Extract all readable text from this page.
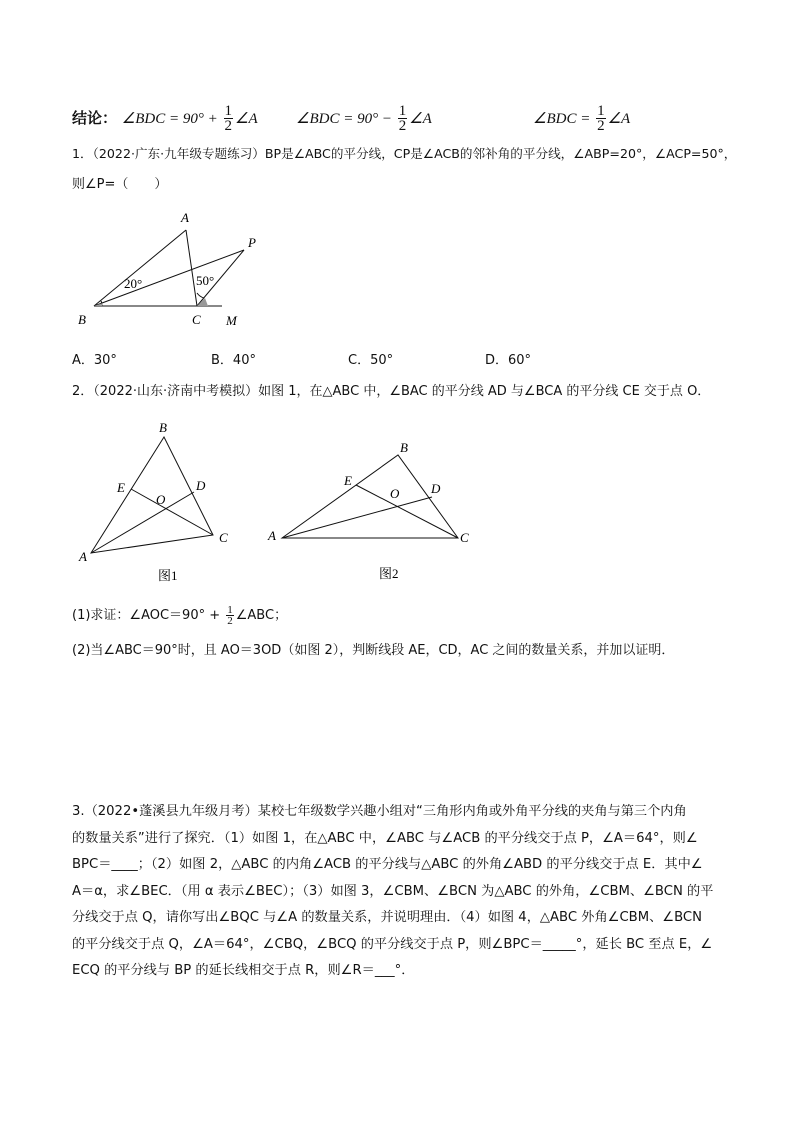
结论： ∠BDC = $90^\circ + \frac{1}{2}$ ∠A	∠BDC = $90^\circ - \frac{1}{2}$ ∠A	∠BDC = $\frac{1}{2}$ ∠A
1．（2022·广东·九年级专题练习）BP是∠ABC的平分线，CP是∠ACB的邻补角的平分线，∠ABP=20°，∠ACP=50°，
则∠P=（　　）
A
B	C
P
M
20°	50°
A．30°	B．40°	C．50°	D．60°
2．（2022·山东·济南中考模拟）如图 1，在△ABC 中，∠BAC 的平分线 AD 与∠BCA 的平分线 CE 交于点 O．
B
A
C
D
E
O
图1
B
A	C
D
E
O
图2
(1)求证：∠AOC＝90° + $\frac{1}{2}$ ∠ABC；
(2)当∠ABC＝90°时，且 AO＝3OD（如图 2），判断线段 AE，CD，AC 之间的数量关系，并加以证明．

3.（2022•蓬溪县九年级月考）某校七年级数学兴趣小组对“三角形内角或外角平分线的夹角与第三个内角

的数量关系”进行了探究．（1）如图 1，在△ABC 中，∠ABC 与∠ACB 的平分线交于点 P，∠A＝64°，则∠

BPC＝____；（2）如图 2，△ABC 的内角∠ACB 的平分线与△ABC 的外角∠ABD 的平分线交于点 E．其中∠

A＝α，求∠BEC．（用 α 表示∠BEC）；（3）如图 3，∠CBM、∠BCN 为△ABC 的外角，∠CBM、∠BCN 的平

分线交于点 Q，请你写出∠BQC 与∠A 的数量关系，并说明理由．（4）如图 4，△ABC 外角∠CBM、∠BCN

的平分线交于点 Q，∠A＝64°，∠CBQ，∠BCQ 的平分线交于点 P，则∠BPC＝_____°，延长 BC 至点 E，∠

ECQ 的平分线与 BP 的延长线相交于点 R，则∠R＝___°．
